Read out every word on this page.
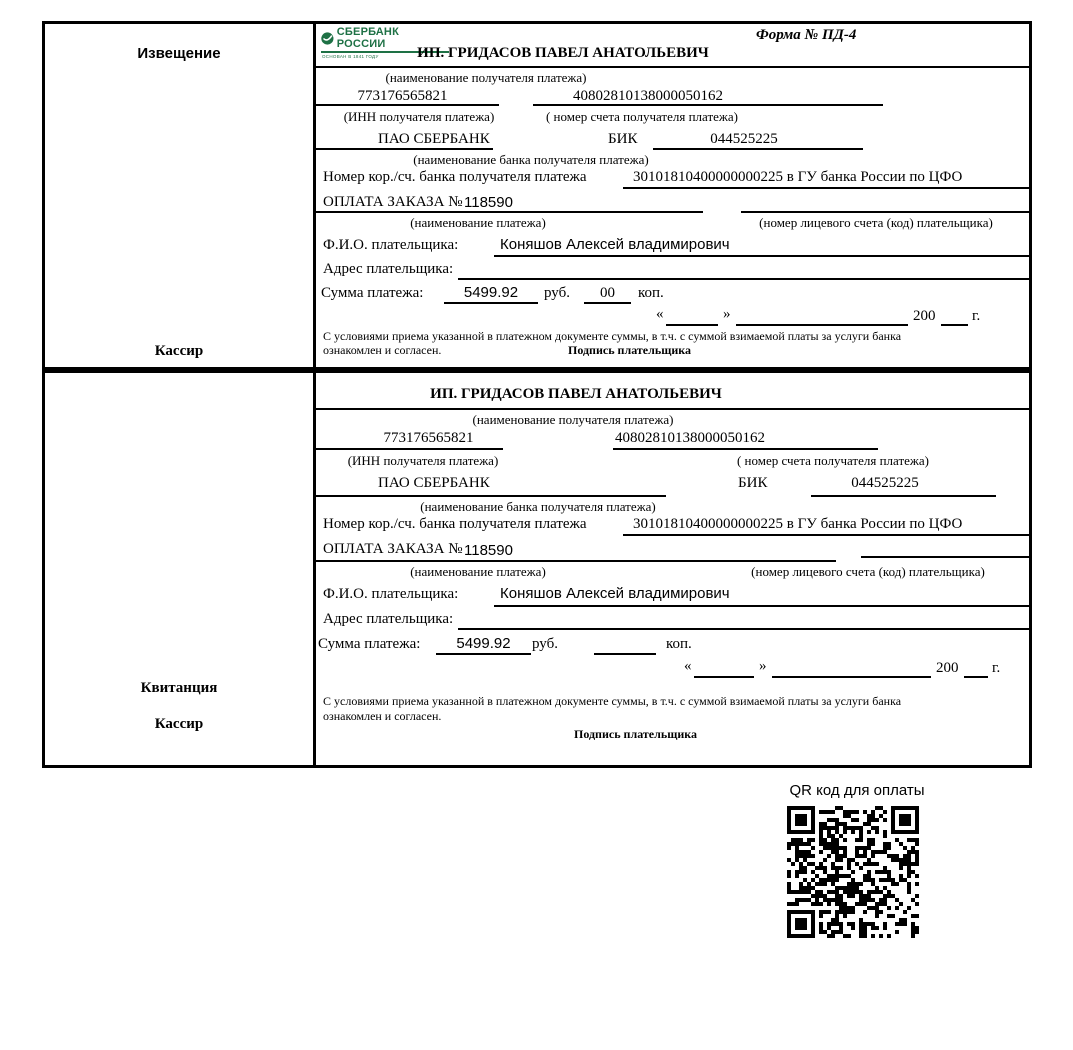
Извещение
Кассир
СБЕРБАНК РОССИИ
ОСНОВАН В 1841 ГОДУ
Форма № ПД-4
ИП. ГРИДАСОВ ПАВЕЛ АНАТОЛЬЕВИЧ
(наименование получателя платежа)
773176565821	40802810138000050162
(ИНН получателя платежа)	( номер счета получателя платежа)
ПАО СБЕРБАНК	БИК	044525225
(наименование банка получателя платежа)
Номер кор./сч. банка получателя платежа	30101810400000000225 в ГУ банка России по ЦФО
ОПЛАТА ЗАКАЗА № 118590
(наименование платежа)	(номер лицевого счета (код) плательщика)
Ф.И.О. плательщика:	Коняшов Алексей владимирович
Адрес плательщика:
Сумма платежа:	5499.92	руб.	00	коп.
«	»	200 г.
С условиями приема указанной в платежном документе суммы, в т.ч. с суммой взимаемой платы за услуги банка
ознакомлен и согласен.	Подпись плательщика
Квитанция
Кассир
ИП. ГРИДАСОВ ПАВЕЛ АНАТОЛЬЕВИЧ
(наименование получателя платежа)
773176565821	40802810138000050162
(ИНН получателя платежа)	( номер счета получателя платежа)
ПАО СБЕРБАНК	БИК	044525225
(наименование банка получателя платежа)
Номер кор./сч. банка получателя платежа	30101810400000000225 в ГУ банка России по ЦФО
ОПЛАТА ЗАКАЗА № 118590
(наименование платежа)	(номер лицевого счета (код) плательщика)
Ф.И.О. плательщика:	Коняшов Алексей владимирович
Адрес плательщика:
Сумма платежа:	5499.92	руб.	коп.
«	»	200 г.
С условиями приема указанной в платежном документе суммы, в т.ч. с суммой взимаемой платы за услуги банка
ознакомлен и согласен.
Подпись плательщика
QR код для оплаты
